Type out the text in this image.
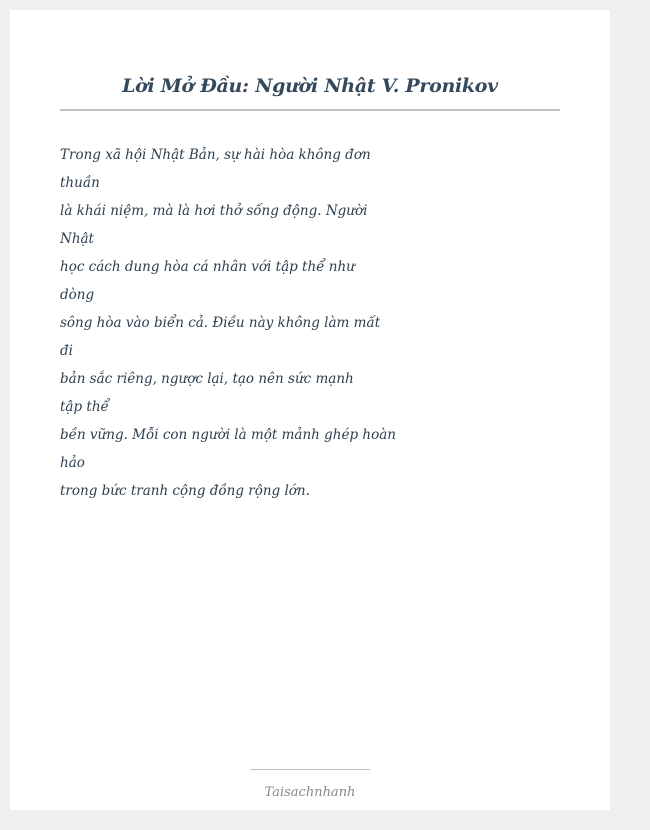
Lời Mở Đầu: Người Nhật V. Pronikov
Trong xã hội Nhật Bản, sự hài hòa không đơn
thuần
là khái niệm, mà là hơi thở sống động. Người
Nhật
học cách dung hòa cá nhân với tập thể như
dòng
sông hòa vào biển cả. Điều này không làm mất
đi
bản sắc riêng, ngược lại, tạo nên sức mạnh
tập thể
bền vững. Mỗi con người là một mảnh ghép hoàn
hảo
trong bức tranh cộng đồng rộng lớn.
Taisachnhanh
